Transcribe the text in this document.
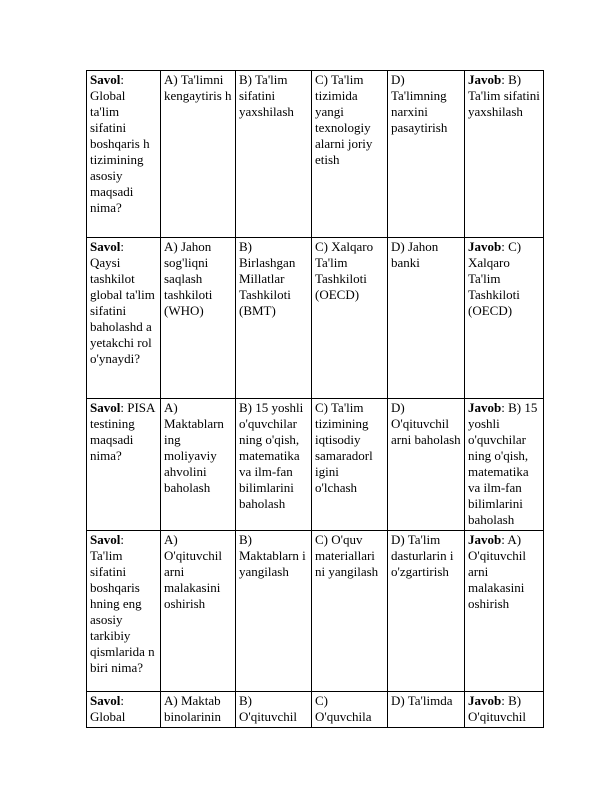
Savol: Global ta'lim sifatini boshqaris h tizimining asosiy maqsadi nima?	A) Ta'limni kengaytiris h	B) Ta'lim sifatini yaxshilash	C) Ta'lim tizimida yangi texnologiy alarni joriy etish	D) Ta'limning narxini pasaytirish	Javob: B) Ta'lim sifatini yaxshilash
Savol: Qaysi tashkilot global ta'lim sifatini baholashd a yetakchi rol o'ynaydi?	A) Jahon sog'liqni saqlash tashkiloti (WHO)	B) Birlashgan Millatlar Tashkiloti (BMT)	C) Xalqaro Ta'lim Tashkiloti (OECD)	D) Jahon banki	Javob: C) Xalqaro Ta'lim Tashkiloti (OECD)
Savol: PISA testining maqsadi nima?	A) Maktablarn ing moliyaviy ahvolini baholash	B) 15 yoshli o'quvchilar ning o'qish, matematika va ilm-fan bilimlarini baholash	C) Ta'lim tizimining iqtisodiy samaradorl igini o'lchash	D) O'qituvchil arni baholash	Javob: B) 15 yoshli o'quvchilar ning o'qish, matematika va ilm-fan bilimlarini baholash
Savol: Ta'lim sifatini boshqaris hning eng asosiy tarkibiy qismlarida n biri nima?	A) O'qituvchil arni malakasini oshirish	B) Maktablarn i yangilash	C) O'quv materiallari ni yangilash	D) Ta'lim dasturlarin i o'zgartirish	Javob: A) O'qituvchil arni malakasini oshirish
Savol: Global	A) Maktab binolarinin	B) O'qituvchil	C) O'quvchila	D) Ta'limda	Javob: B) O'qituvchil
